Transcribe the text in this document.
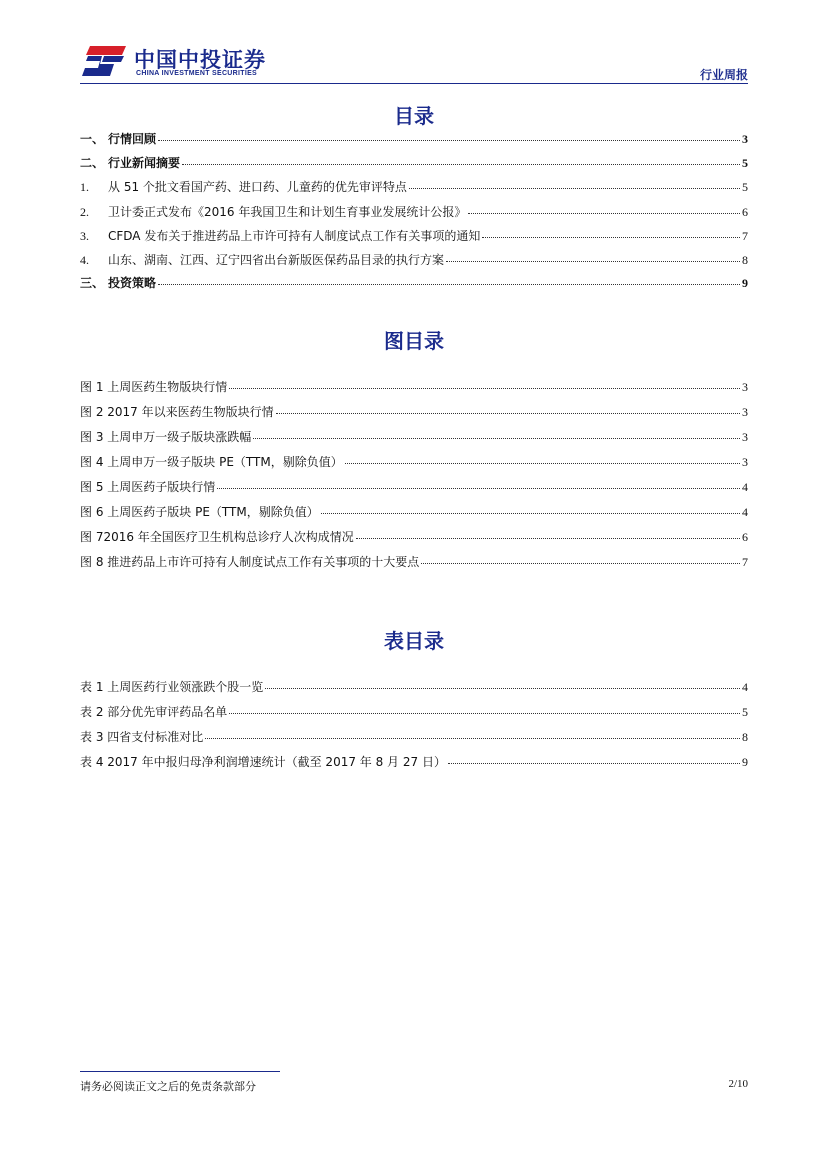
中国中投证券
CHINA INVESTMENT SECURITIES	行业周报
目录
一、 行情回顾	3
二、 行业新闻摘要	5
1.	从 51 个批文看国产药、进口药、儿童药的优先审评特点	5
2.	卫计委正式发布《2016 年我国卫生和计划生育事业发展统计公报》	6
3.	CFDA 发布关于推进药品上市许可持有人制度试点工作有关事项的通知	7
4.	山东、湖南、江西、辽宁四省出台新版医保药品目录的执行方案	8
三、 投资策略	9
图目录
图 1 上周医药生物版块行情	3
图 2 2017 年以来医药生物版块行情	3
图 3 上周申万一级子版块涨跌幅	3
图 4 上周申万一级子版块 PE（TTM，剔除负值）	3
图 5 上周医药子版块行情	4
图 6 上周医药子版块 PE（TTM，剔除负值）	4
图 72016 年全国医疗卫生机构总诊疗人次构成情况	6
图 8 推进药品上市许可持有人制度试点工作有关事项的十大要点	7
表目录
表 1 上周医药行业领涨跌个股一览	4
表 2 部分优先审评药品名单	5
表 3 四省支付标准对比	8
表 4 2017 年中报归母净利润增速统计（截至 2017 年 8 月 27 日）	9
请务必阅读正文之后的免责条款部分	2/10
